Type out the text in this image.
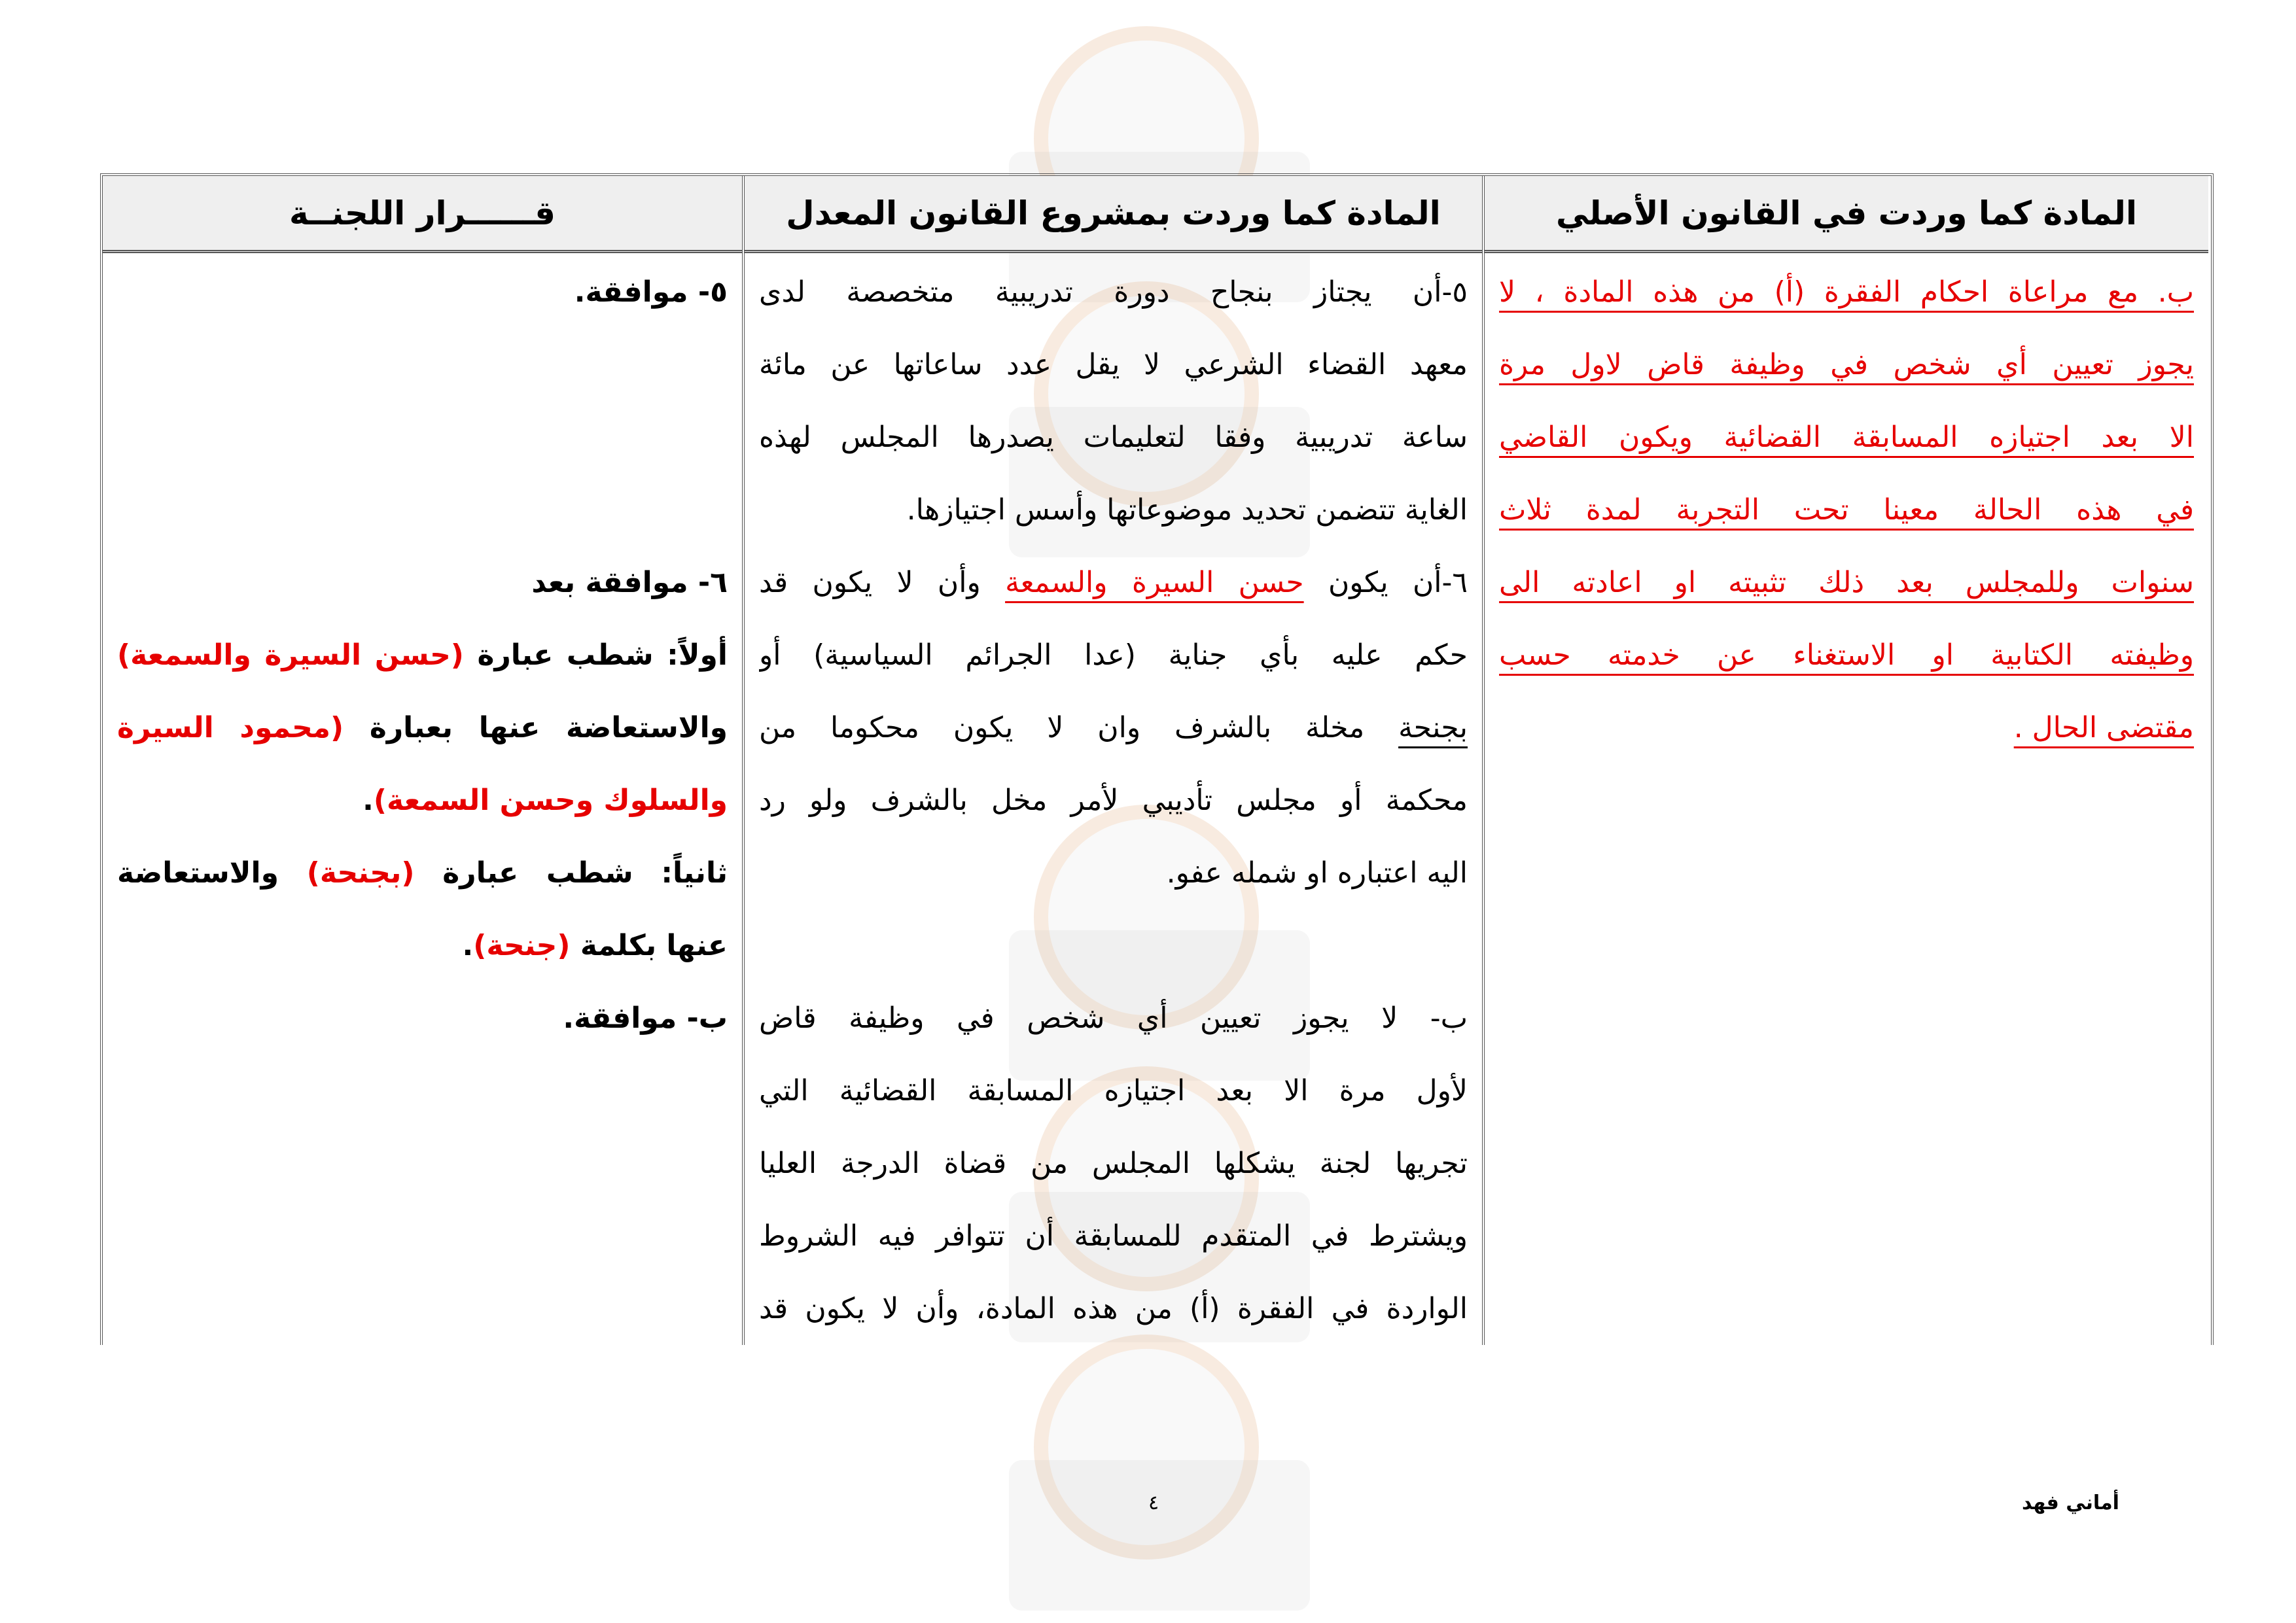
المادة كما وردت في القانون الأصلي
ب. مع مراعاة احكام الفقرة (أ) من هذه المادة ، لا
يجوز تعيين أي شخص في وظيفة قاض لاول مرة
الا بعد اجتيازه المسابقة القضائية ويكون القاضي
في هذه الحالة معينا تحت التجربة لمدة ثلاث
سنوات وللمجلس بعد ذلك تثبيته او اعادته الى
وظيفته الكتابية او الاستغناء عن خدمته حسب
مقتضى الحال .
المادة كما وردت بمشروع القانون المعدل
٥-أن يجتاز بنجاح دورة تدريبية متخصصة لدى
معهد القضاء الشرعي لا يقل عدد ساعاتها عن مائة
ساعة تدريبية وفقا لتعليمات يصدرها المجلس لهذه
الغاية تتضمن تحديد موضوعاتها وأسس اجتيازها.
٦-أن يكون حسن السيرة والسمعة وأن لا يكون قد
حكم عليه بأي جناية (عدا الجرائم السياسية) أو
بجنحة مخلة بالشرف وان لا يكون محكوما من
محكمة أو مجلس تأديبي لأمر مخل بالشرف ولو رد
اليه اعتباره او شمله عفو.

ب- لا يجوز تعيين أي شخص في وظيفة قاض
لأول مرة الا بعد اجتيازه المسابقة القضائية التي
تجريها لجنة يشكلها المجلس من قضاة الدرجة العليا
ويشترط في المتقدم للمسابقة أن تتوافر فيه الشروط
الواردة في الفقرة (أ) من هذه المادة، وأن لا يكون قد
قــــــرار اللجنــة
٥- موافقة.

٦- موافقة بعد
أولاً: شطب عبارة (حسن السيرة والسمعة)
والاستعاضة عنها بعبارة (محمود السيرة
والسلوك وحسن السمعة).
ثانياً: شطب عبارة (بجنحة) والاستعاضة
عنها بكلمة (جنحة).
ب- موافقة.
٤	أماني فهد
